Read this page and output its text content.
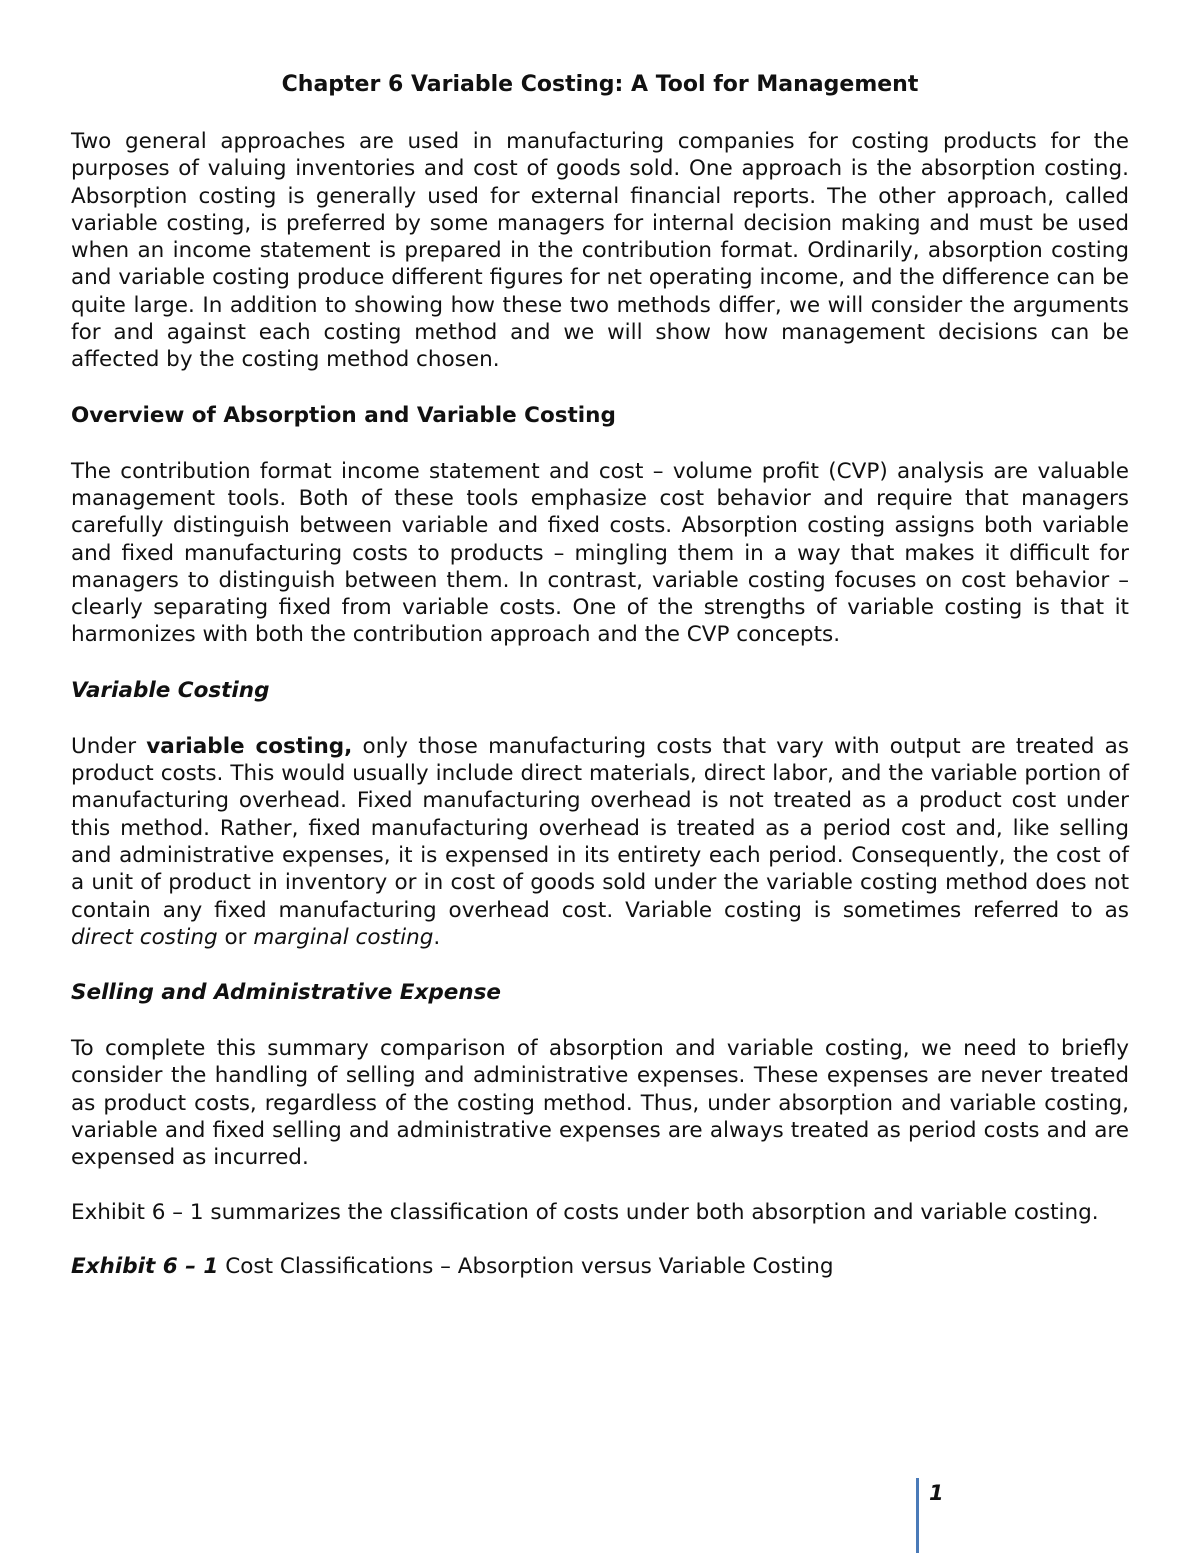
Chapter 6 Variable Costing: A Tool for Management

Two general approaches are used in manufacturing companies for costing products for the purposes of valuing inventories and cost of goods sold. One approach is the absorption costing. Absorption costing is generally used for external financial reports. The other approach, called variable costing, is preferred by some managers for internal decision making and must be used when an income statement is prepared in the contribution format. Ordinarily, absorption costing and variable costing produce different figures for net operating income, and the difference can be quite large. In addition to showing how these two methods differ, we will consider the arguments for and against each costing method and we will show how management decisions can be affected by the costing method chosen.

Overview of Absorption and Variable Costing

The contribution format income statement and cost – volume profit (CVP) analysis are valuable management tools. Both of these tools emphasize cost behavior and require that managers carefully distinguish between variable and fixed costs. Absorption costing assigns both variable and fixed manufacturing costs to products – mingling them in a way that makes it difficult for managers to distinguish between them. In contrast, variable costing focuses on cost behavior – clearly separating fixed from variable costs. One of the strengths of variable costing is that it harmonizes with both the contribution approach and the CVP concepts.

Variable Costing

Under variable costing, only those manufacturing costs that vary with output are treated as product costs. This would usually include direct materials, direct labor, and the variable portion of manufacturing overhead. Fixed manufacturing overhead is not treated as a product cost under this method. Rather, fixed manufacturing overhead is treated as a period cost and, like selling and administrative expenses, it is expensed in its entirety each period. Consequently, the cost of a unit of product in inventory or in cost of goods sold under the variable costing method does not contain any fixed manufacturing overhead cost. Variable costing is sometimes referred to as direct costing or marginal costing.

Selling and Administrative Expense

To complete this summary comparison of absorption and variable costing, we need to briefly consider the handling of selling and administrative expenses. These expenses are never treated as product costs, regardless of the costing method. Thus, under absorption and variable costing, variable and fixed selling and administrative expenses are always treated as period costs and are expensed as incurred.

Exhibit 6 – 1 summarizes the classification of costs under both absorption and variable costing.

Exhibit 6 – 1 Cost Classifications – Absorption versus Variable Costing

1
